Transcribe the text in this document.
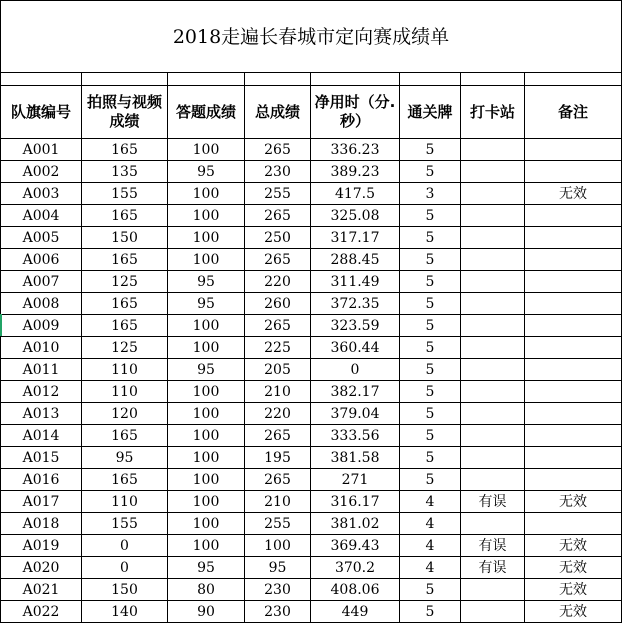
2018走遍长春城市定向赛成绩单							

队旗编号	拍照与视频成绩	答题成绩	总成绩	净用时（分.秒）	通关牌	打卡站	备注
A001	165	100	265	336.23	5		
A002	135	95	230	389.23	5		
A003	155	100	255	417.5	3		无效
A004	165	100	265	325.08	5		
A005	150	100	250	317.17	5		
A006	165	100	265	288.45	5		
A007	125	95	220	311.49	5		
A008	165	95	260	372.35	5		
A009	165	100	265	323.59	5		
A010	125	100	225	360.44	5		
A011	110	95	205	0	5		
A012	110	100	210	382.17	5		
A013	120	100	220	379.04	5		
A014	165	100	265	333.56	5		
A015	95	100	195	381.58	5		
A016	165	100	265	271	5		
A017	110	100	210	316.17	4	有误	无效
A018	155	100	255	381.02	4		
A019	0	100	100	369.43	4	有误	无效
A020	0	95	95	370.2	4	有误	无效
A021	150	80	230	408.06	5		无效
A022	140	90	230	449	5		无效
